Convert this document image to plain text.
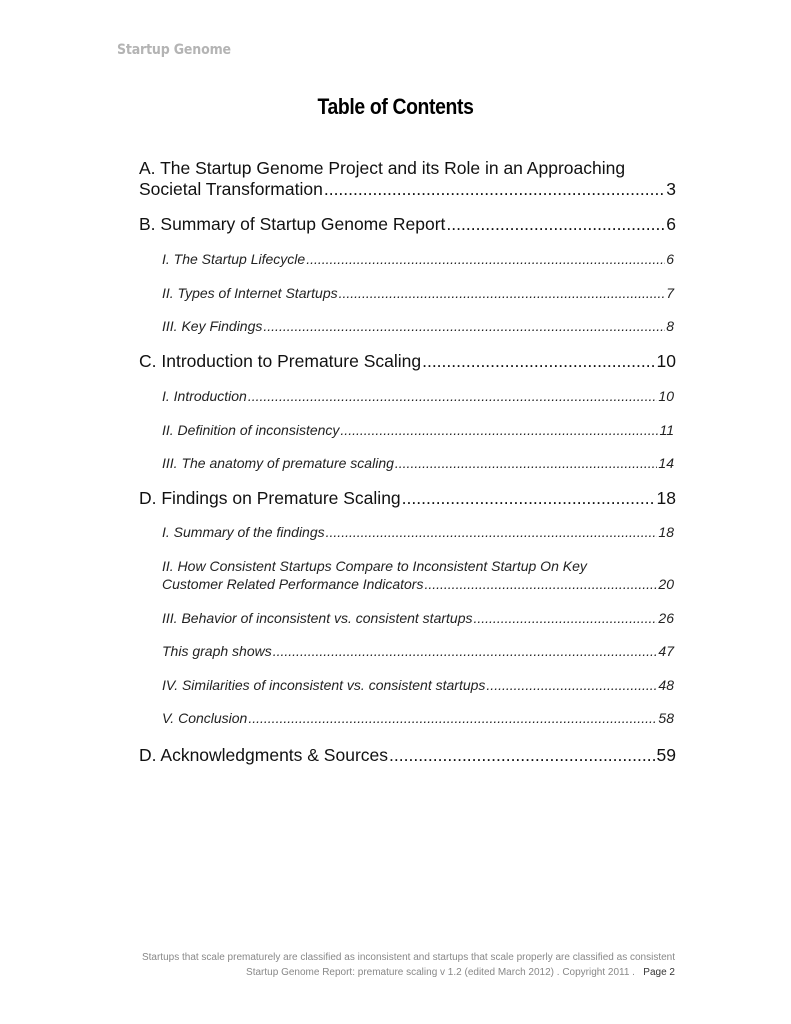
Startup Genome
Table of Contents
A. The Startup Genome Project and its Role in an Approaching
Societal Transformation .....	3
B. Summary of Startup Genome Report .....	6
I. The Startup Lifecycle .....	6
II. Types of Internet Startups .....	7
III. Key Findings .....	8
C. Introduction to Premature Scaling .....	10
I. Introduction .....	10
II. Definition of inconsistency .....	11
III. The anatomy of premature scaling .....	14
D. Findings on Premature Scaling .....	18
I. Summary of the findings .....	18
II. How Consistent Startups Compare to Inconsistent Startup On Key
Customer Related Performance Indicators .....	20
III. Behavior of inconsistent vs. consistent startups .....	26
This graph shows .....	47
IV. Similarities of inconsistent vs. consistent startups .....	48
V. Conclusion .....	58
D. Acknowledgments & Sources .....	59
Startups that scale prematurely are classified as inconsistent and startups that scale properly are classified as consistent
Startup Genome Report: premature scaling v 1.2 (edited March 2012) . Copyright 2011 . Page 2
